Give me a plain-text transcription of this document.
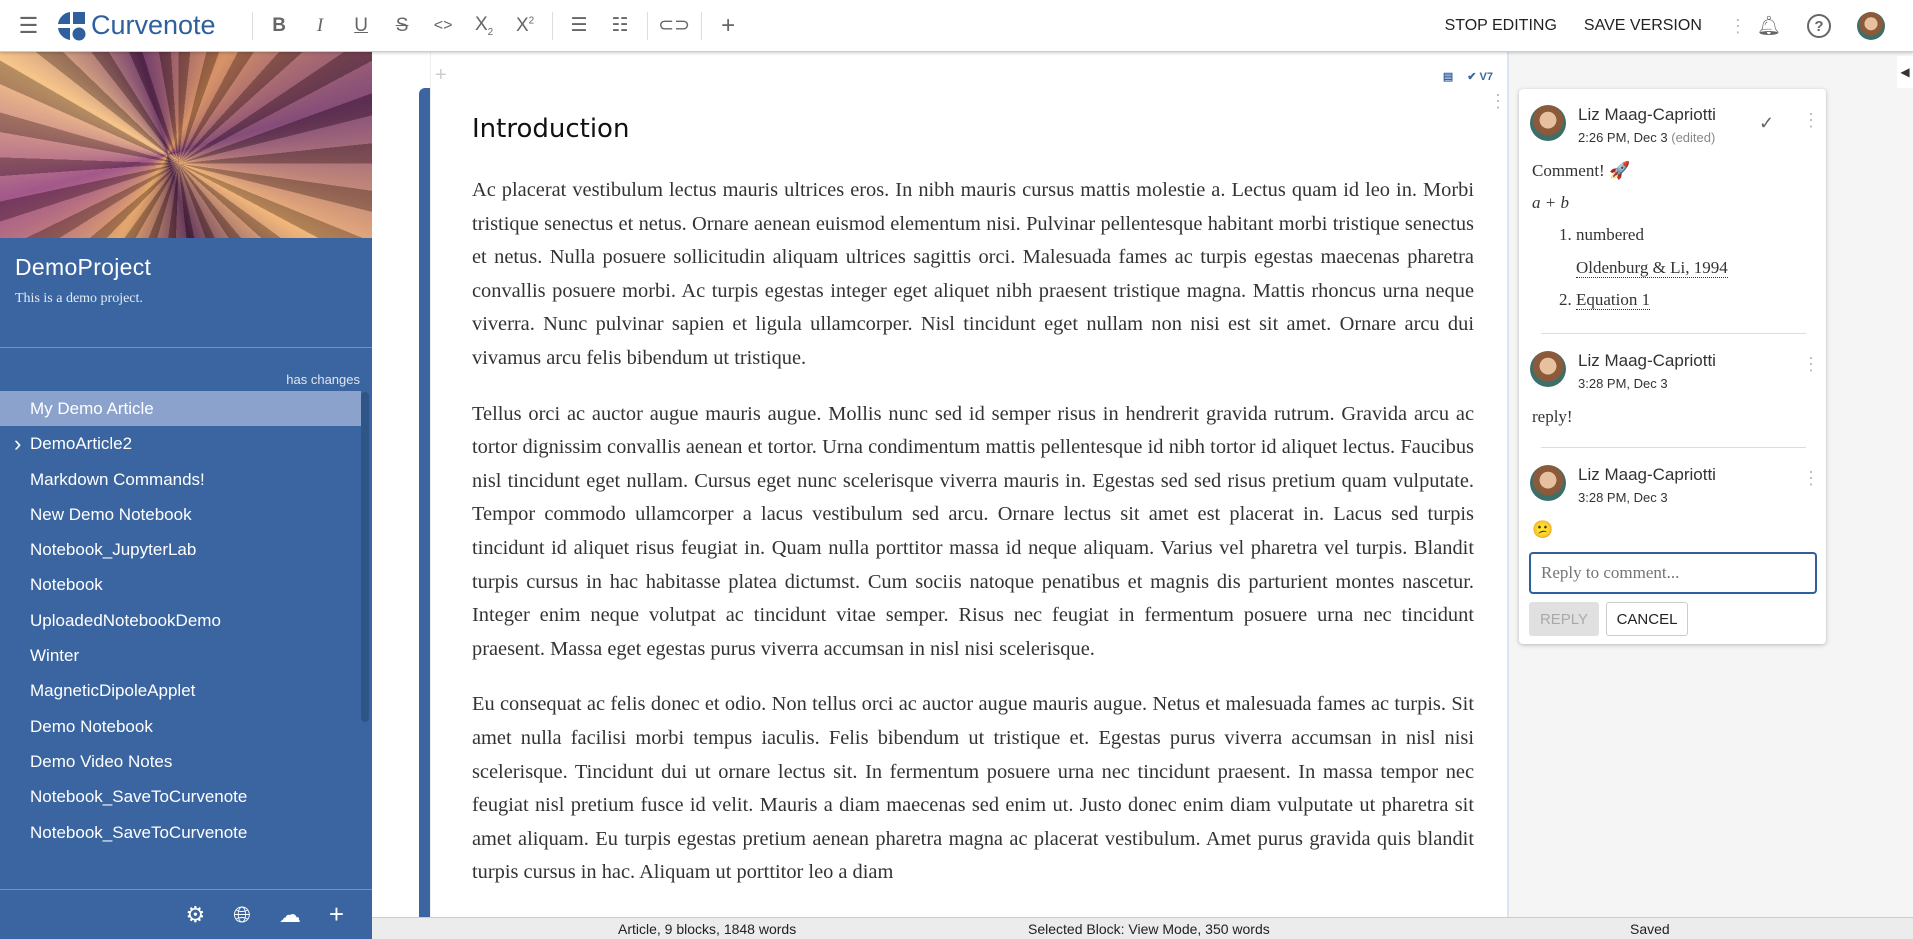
☰	Curvenote	B	I	U	S	<>	$X_2$	$X^2$	☰	☷	⊂⊃	+	STOP EDITING SAVE VERSION ⋮ 🔔︎	?
DemoProject
This is a demo project.
has changes
My Demo Article
› DemoArticle2
Markdown Commands!
New Demo Notebook
Notebook_JupyterLab
Notebook
UploadedNotebookDemo
Winter
MagneticDipoleApplet
Demo Notebook
Demo Video Notes
Notebook_SaveToCurvenote
Notebook_SaveToCurvenote
⚙ 🌐︎ ☁ +
+	▤ ✔ V7
⋮
Introduction

Ac placerat vestibulum lectus mauris ultrices eros. In nibh mauris cursus mattis molestie a. Lectus quam id leo in. Morbi tristique senectus et netus. Ornare aenean euismod elementum nisi. Pulvinar pellentesque habitant morbi tristique senectus et netus. Nulla posuere sollicitudin aliquam ultrices sagittis orci. Malesuada fames ac turpis egestas maecenas pharetra convallis posuere morbi. Ac turpis egestas integer eget aliquet nibh praesent tristique magna. Mattis rhoncus urna neque viverra. Nunc pulvinar sapien et ligula ullamcorper. Nisl tincidunt eget nullam non nisi est sit amet. Ornare arcu dui vivamus arcu felis bibendum ut tristique.

Tellus orci ac auctor augue mauris augue. Mollis nunc sed id semper risus in hendrerit gravida rutrum. Gravida arcu ac tortor dignissim convallis aenean et tortor. Urna condimentum mattis pellentesque id nibh tortor id aliquet lectus. Faucibus nisl tincidunt eget nullam. Cursus eget nunc scelerisque viverra mauris in. Egestas sed sed risus pretium quam vulputate. Tempor commodo ullamcorper a lacus vestibulum sed arcu. Ornare lectus sit amet est placerat in. Lacus sed turpis tincidunt id aliquet risus feugiat in. Quam nulla porttitor massa id neque aliquam. Varius vel pharetra vel turpis. Blandit turpis cursus in hac habitasse platea dictumst. Cum sociis natoque penatibus et magnis dis parturient montes nascetur. Integer enim neque volutpat ac tincidunt vitae semper. Risus nec feugiat in fermentum posuere urna nec tincidunt praesent. Massa eget egestas purus viverra accumsan in nisl nisi scelerisque.

Eu consequat ac felis donec et odio. Non tellus orci ac auctor augue mauris augue. Netus et malesuada fames ac turpis. Sit amet nulla facilisi morbi tempus iaculis. Felis bibendum ut tristique et. Egestas purus viverra accumsan in nisl nisi scelerisque. Tincidunt dui ut ornare lectus sit. In fermentum posuere urna nec tincidunt praesent. In massa tempor nec feugiat nisl pretium fusce id velit. Mauris a diam maecenas sed enim ut. Justo donec enim diam vulputate ut pharetra sit amet aliquam. Eu turpis egestas pretium aenean pharetra magna ac placerat vestibulum. Amet purus gravida quis blandit turpis cursus in hac. Aliquam ut porttitor leo a diam

Liz Maag-Capriotti
2:26 PM, Dec 3 (edited)
✓ ⋮
Comment! 🚀
a + b
1. numbered
Oldenburg & Li, 1994
2. Equation 1
Liz Maag-Capriotti
3:28 PM, Dec 3
⋮
reply!
Liz Maag-Capriotti
3:28 PM, Dec 3
⋮
😕
Reply to comment...
REPLY	CANCEL
◀
Article, 9 blocks, 1848 words	Selected Block: View Mode, 350 words	Saved
